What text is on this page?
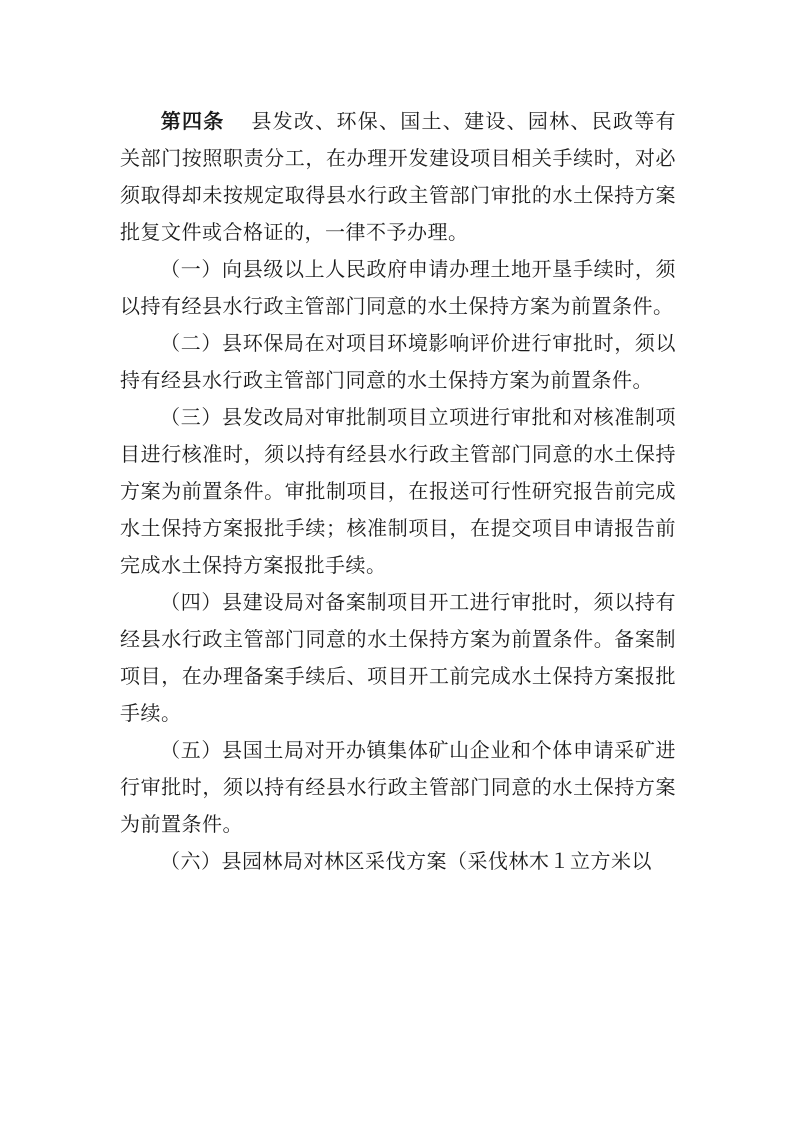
第四条 县发改、环保、国土、建设、园林、民政等有关部门按照职责分工，在办理开发建设项目相关手续时，对必须取得却未按规定取得县水行政主管部门审批的水土保持方案批复文件或合格证的，一律不予办理。

（一）向县级以上人民政府申请办理土地开垦手续时，须以持有经县水行政主管部门同意的水土保持方案为前置条件。

（二）县环保局在对项目环境影响评价进行审批时，须以持有经县水行政主管部门同意的水土保持方案为前置条件。

（三）县发改局对审批制项目立项进行审批和对核准制项目进行核准时，须以持有经县水行政主管部门同意的水土保持方案为前置条件。审批制项目，在报送可行性研究报告前完成水土保持方案报批手续；核准制项目，在提交项目申请报告前完成水土保持方案报批手续。

（四）县建设局对备案制项目开工进行审批时，须以持有经县水行政主管部门同意的水土保持方案为前置条件。备案制项目，在办理备案手续后、项目开工前完成水土保持方案报批手续。

（五）县国土局对开办镇集体矿山企业和个体申请采矿进行审批时，须以持有经县水行政主管部门同意的水土保持方案为前置条件。

（六）县园林局对林区采伐方案（采伐林木１立方米以
